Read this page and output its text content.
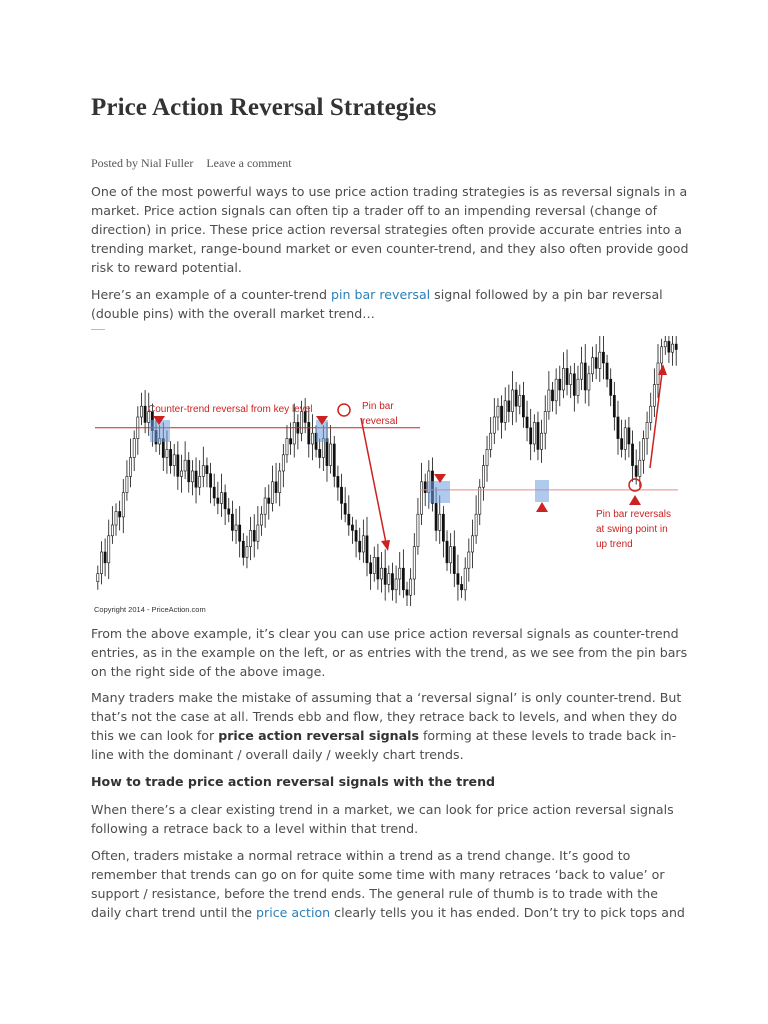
Price Action Reversal Strategies
Posted by Nial Fuller Leave a comment

One of the most powerful ways to use price action trading strategies is as reversal signals in a market. Price action signals can often tip a trader off to an impending reversal (change of direction) in price. These price action reversal strategies often provide accurate entries into a trending market, range-bound market or even counter-trend, and they also often provide good risk to reward potential.

Here’s an example of a counter-trend pin bar reversal signal followed by a pin bar reversal (double pins) with the overall market trend…

Counter-trend reversal from key level	Pin bar
reversal
Pin bar reversals
at swing point in
up trend
Copyright 2014 - PriceAction.com

From the above example, it’s clear you can use price action reversal signals as counter-trend entries, as in the example on the left, or as entries with the trend, as we see from the pin bars on the right side of the above image.

Many traders make the mistake of assuming that a ‘reversal signal’ is only counter-trend. But that’s not the case at all. Trends ebb and flow, they retrace back to levels, and when they do this we can look for price action reversal signals forming at these levels to trade back in-line with the dominant / overall daily / weekly chart trends.

How to trade price action reversal signals with the trend

When there’s a clear existing trend in a market, we can look for price action reversal signals following a retrace back to a level within that trend.

Often, traders mistake a normal retrace within a trend as a trend change. It’s good to remember that trends can go on for quite some time with many retraces ‘back to value’ or support / resistance, before the trend ends. The general rule of thumb is to trade with the daily chart trend until the price action clearly tells you it has ended. Don’t try to pick tops and
